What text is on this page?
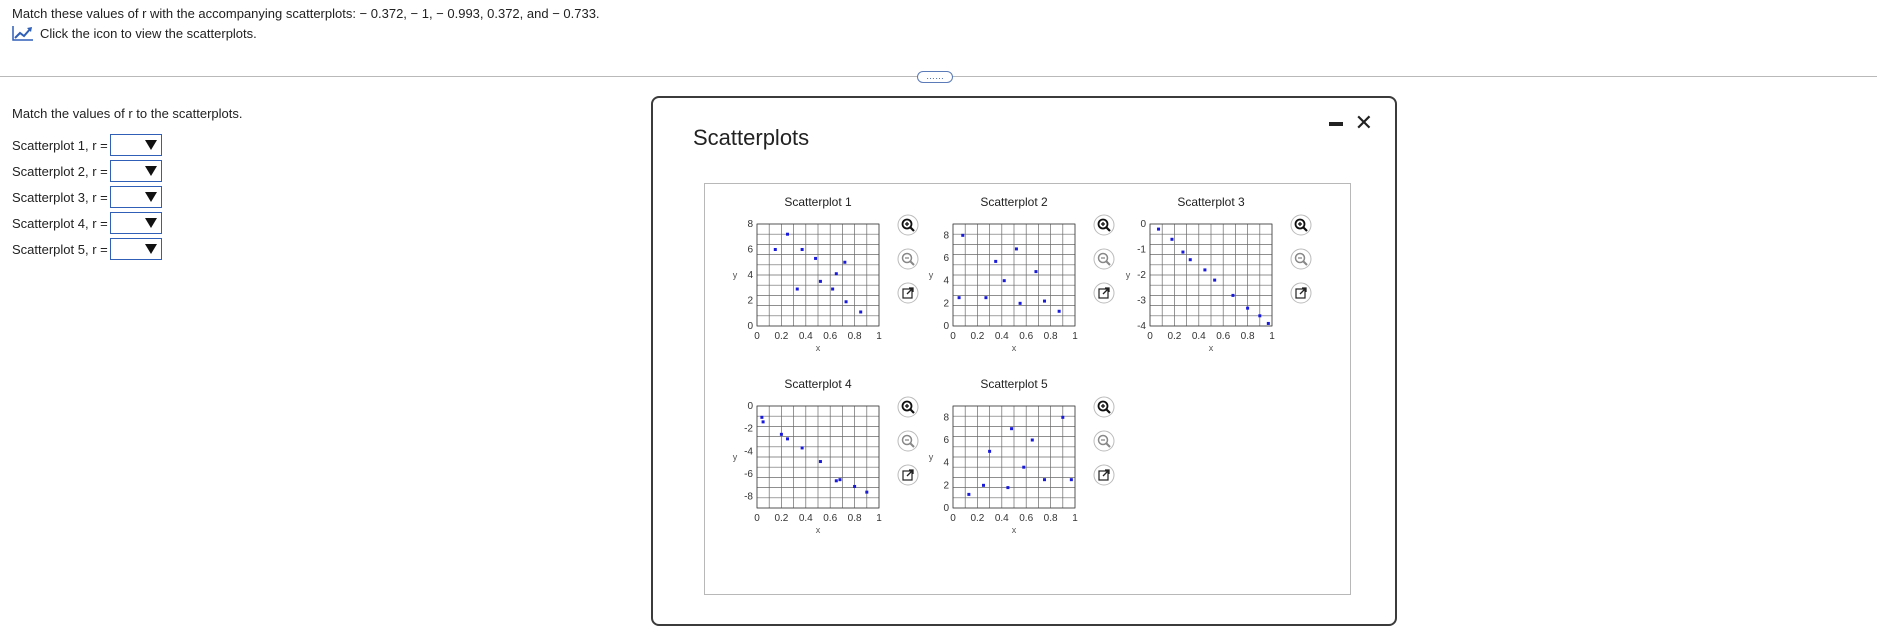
Match these values of r with the accompanying scatterplots: − 0.372, − 1, − 0.993, 0.372, and − 0.733.
Click the icon to view the scatterplots.
……
Match the values of r to the scatterplots.
Scatterplot 1, r =
Scatterplot 2, r =
Scatterplot 3, r =
Scatterplot 4, r =
Scatterplot 5, r =
Scatterplots
✕
Scatterplot 1
0 0.2 0.4 0.6 0.8 1
0
2
4
6
8
x
y
Scatterplot 2
0 0.2 0.4 0.6 0.8 1
0
2
4
6
8
x
y
Scatterplot 3
0 0.2 0.4 0.6 0.8 1
0
-1
-2
-3
-4
x
y
Scatterplot 4
0 0.2 0.4 0.6 0.8 1
0
-2
-4
-6
-8
x
y
Scatterplot 5
0 0.2 0.4 0.6 0.8 1
0
2
4
6
8
x
y
